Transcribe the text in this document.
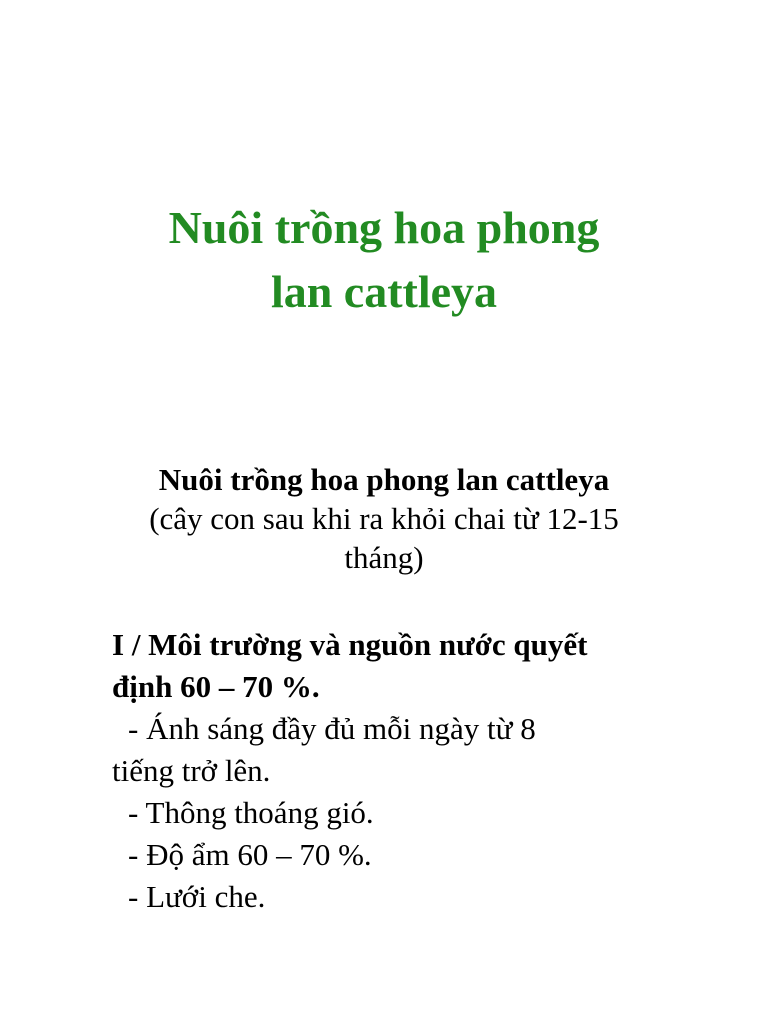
Nuôi trồng hoa phong
lan cattleya
Nuôi trồng hoa phong lan cattleya
(cây con sau khi ra khỏi chai từ 12-15
tháng)
I / Môi trường và nguồn nước quyết
định 60 – 70 %.
- Ánh sáng đầy đủ mỗi ngày từ 8
tiếng trở lên.
- Thông thoáng gió.
- Độ ẩm 60 – 70 %.
- Lưới che.
